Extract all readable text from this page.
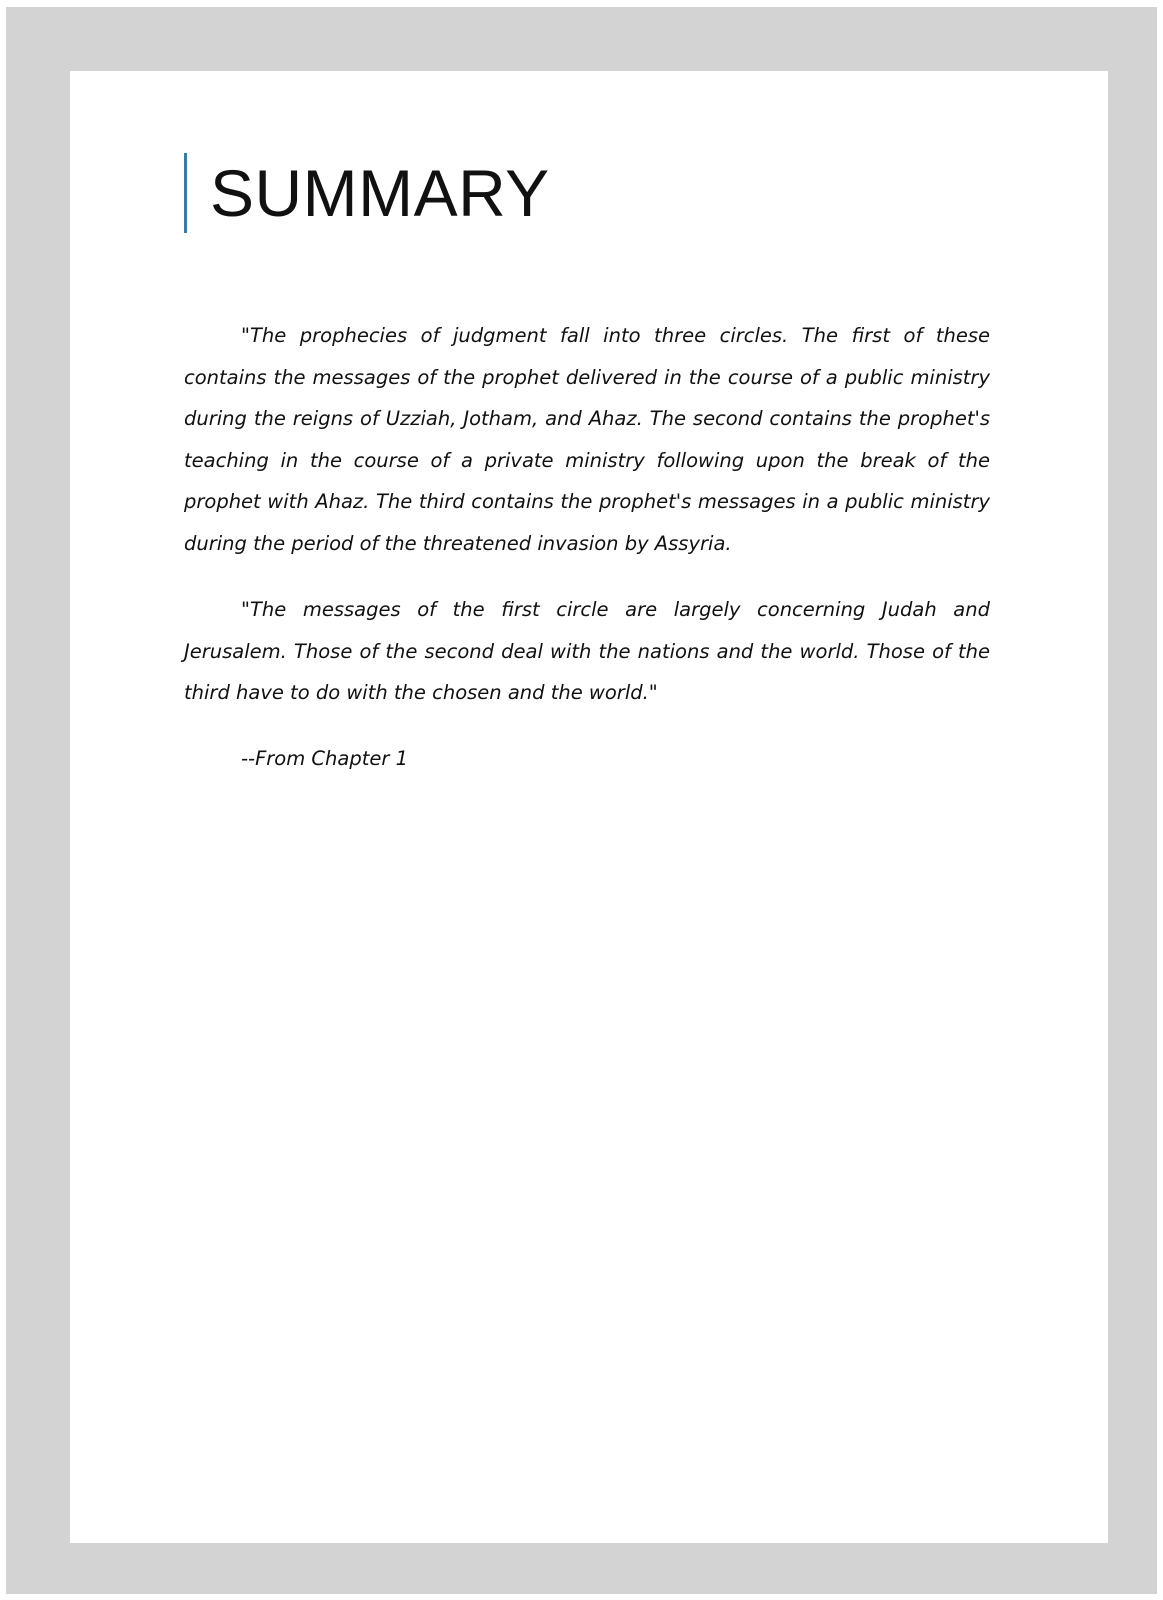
SUMMARY

"The prophecies of judgment fall into three circles. The first of these contains the messages of the prophet delivered in the course of a public ministry during the reigns of Uzziah, Jotham, and Ahaz. The second contains the prophet's teaching in the course of a private ministry following upon the break of the prophet with Ahaz. The third contains the prophet's messages in a public ministry during the period of the threatened invasion by Assyria.

"The messages of the first circle are largely concerning Judah and Jerusalem. Those of the second deal with the nations and the world. Those of the third have to do with the chosen and the world."

--From Chapter 1
